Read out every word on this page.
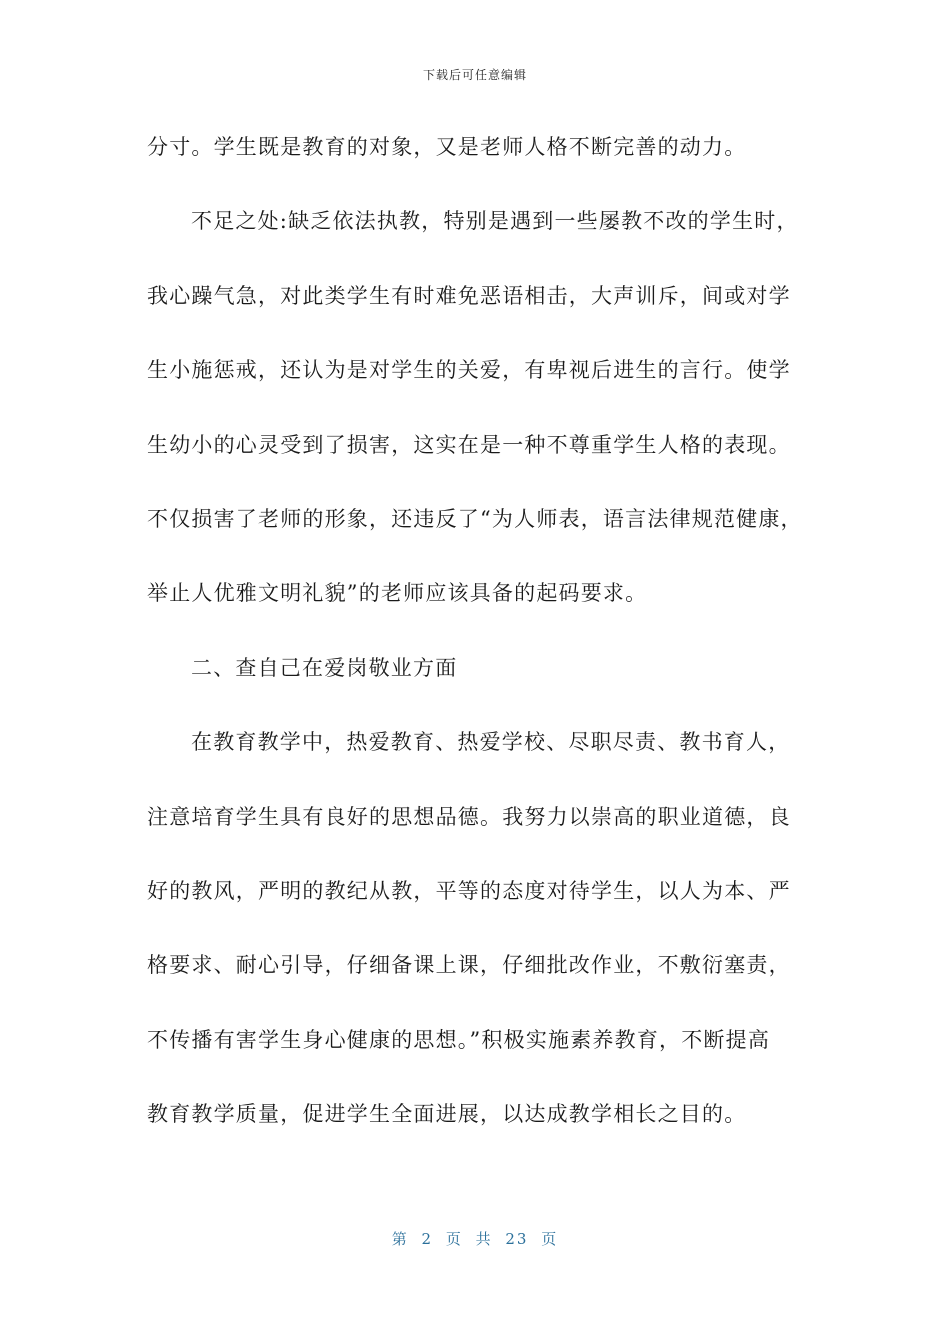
下载后可任意编辑
分寸。学生既是教育的对象，又是老师人格不断完善的动力。
不足之处:缺乏依法执教，特别是遇到一些屡教不改的学生时，
我心躁气急，对此类学生有时难免恶语相击，大声训斥，间或对学
生小施惩戒，还认为是对学生的关爱，有卑视后进生的言行。使学
生幼小的心灵受到了损害，这实在是一种不尊重学生人格的表现。
不仅损害了老师的形象，还违反了“为人师表，语言法律规范健康，
举止人优雅文明礼貌”的老师应该具备的起码要求。
二、查自己在爱岗敬业方面
在教育教学中，热爱教育、热爱学校、尽职尽责、教书育人，
注意培育学生具有良好的思想品德。我努力以崇高的职业道德，良
好的教风，严明的教纪从教，平等的态度对待学生，以人为本、严
格要求、耐心引导，仔细备课上课，仔细批改作业，不敷衍塞责，
不传播有害学生身心健康的思想。”积极实施素养教育，不断提高
教育教学质量，促进学生全面进展，以达成教学相长之目的。
第 2 页 共 23 页
